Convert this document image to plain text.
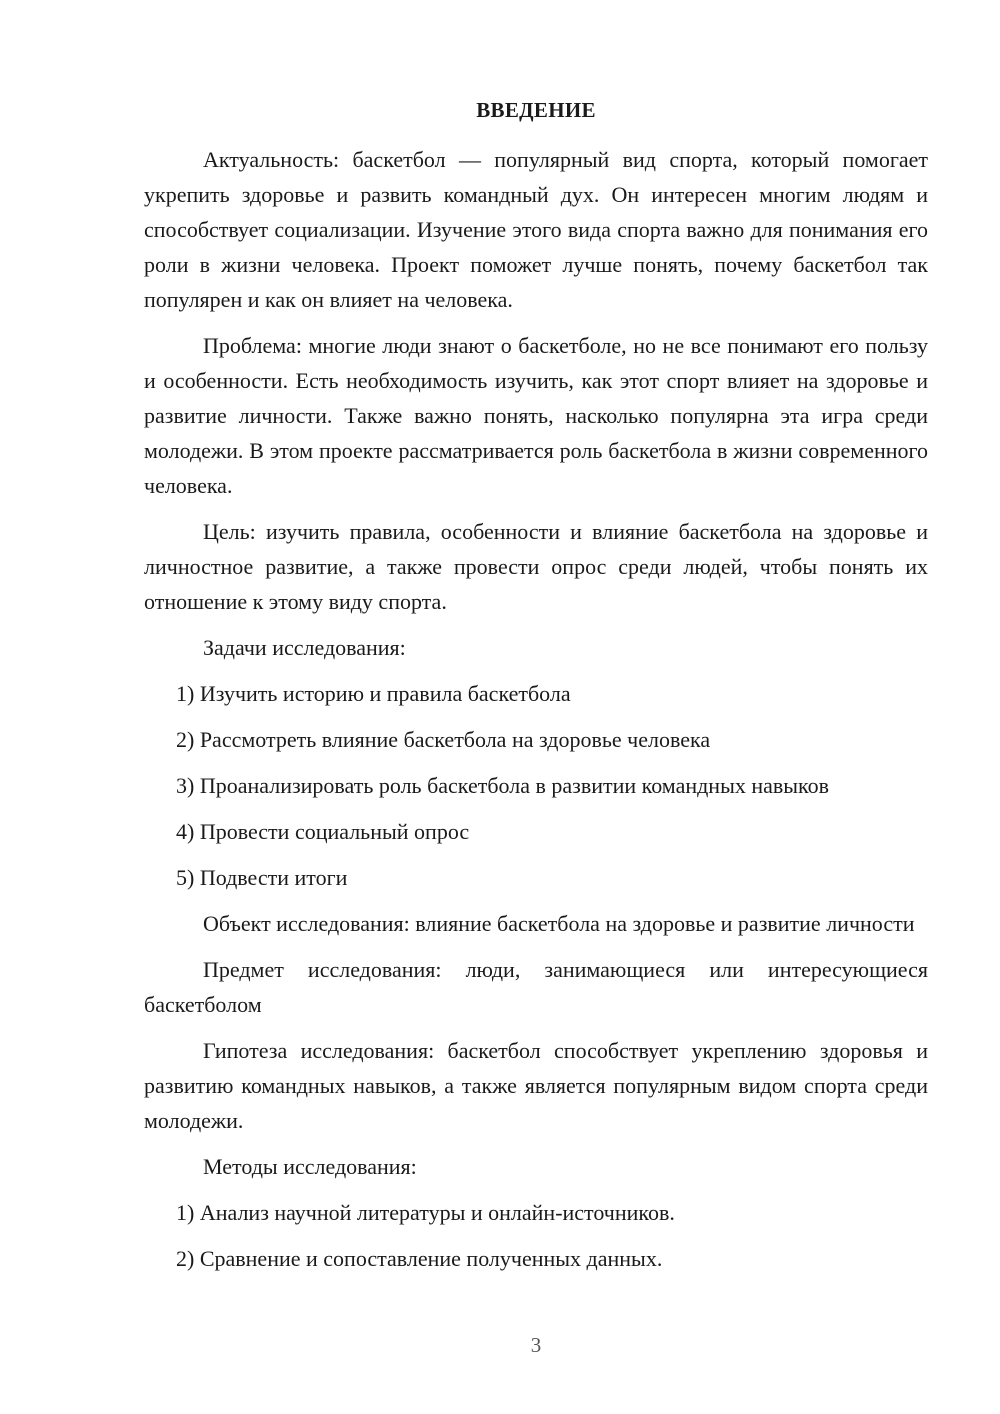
ВВЕДЕНИЕ

Актуальность: баскетбол — популярный вид спорта, который помогает укрепить здоровье и развить командный дух. Он интересен многим людям и способствует социализации. Изучение этого вида спорта важно для понимания его роли в жизни человека. Проект поможет лучше понять, почему баскетбол так популярен и как он влияет на человека.

Проблема: многие люди знают о баскетболе, но не все понимают его пользу и особенности. Есть необходимость изучить, как этот спорт влияет на здоровье и развитие личности. Также важно понять, насколько популярна эта игра среди молодежи. В этом проекте рассматривается роль баскетбола в жизни современного человека.

Цель: изучить правила, особенности и влияние баскетбола на здоровье и личностное развитие, а также провести опрос среди людей, чтобы понять их отношение к этому виду спорта.

Задачи исследования:

1) Изучить историю и правила баскетбола

2) Рассмотреть влияние баскетбола на здоровье человека

3) Проанализировать роль баскетбола в развитии командных навыков

4) Провести социальный опрос

5) Подвести итоги

Объект исследования: влияние баскетбола на здоровье и развитие личности

Предмет исследования: люди, занимающиеся или интересующиеся баскетболом

Гипотеза исследования: баскетбол способствует укреплению здоровья и развитию командных навыков, а также является популярным видом спорта среди молодежи.

Методы исследования:

1) Анализ научной литературы и онлайн-источников.

2) Сравнение и сопоставление полученных данных.

3
